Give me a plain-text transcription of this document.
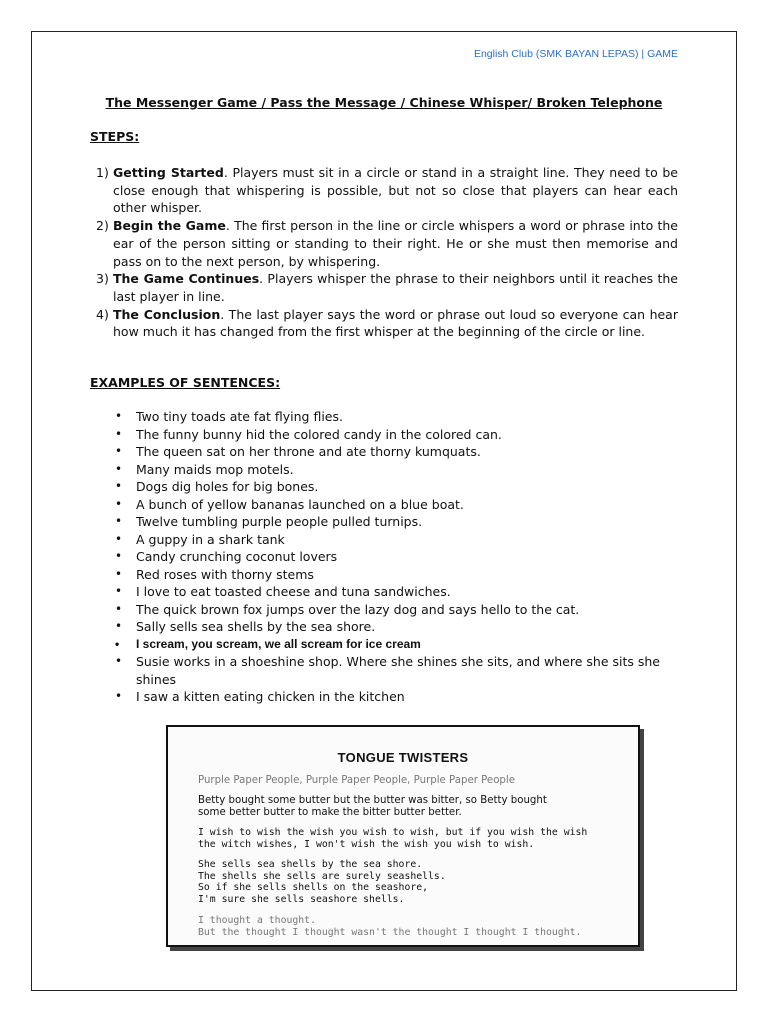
English Club (SMK BAYAN LEPAS) | GAME
The Messenger Game / Pass the Message / Chinese Whisper/ Broken Telephone
STEPS:
1) Getting Started. Players must sit in a circle or stand in a straight line. They need to be close enough that whispering is possible, but not so close that players can hear each other whisper.
2) Begin the Game. The first person in the line or circle whispers a word or phrase into the ear of the person sitting or standing to their right. He or she must then memorise and pass on to the next person, by whispering.
3) The Game Continues. Players whisper the phrase to their neighbors until it reaches the last player in line.
4) The Conclusion. The last player says the word or phrase out loud so everyone can hear how much it has changed from the first whisper at the beginning of the circle or line.
EXAMPLES OF SENTENCES:
• Two tiny toads ate fat flying flies.
• The funny bunny hid the colored candy in the colored can.
• The queen sat on her throne and ate thorny kumquats.
• Many maids mop motels.
• Dogs dig holes for big bones.
• A bunch of yellow bananas launched on a blue boat.
• Twelve tumbling purple people pulled turnips.
• A guppy in a shark tank
• Candy crunching coconut lovers
• Red roses with thorny stems
• I love to eat toasted cheese and tuna sandwiches.
• The quick brown fox jumps over the lazy dog and says hello to the cat.
• Sally sells sea shells by the sea shore.
• I scream, you scream, we all scream for ice cream
• Susie works in a shoeshine shop. Where she shines she sits, and where she sits she shines
• I saw a kitten eating chicken in the kitchen
TONGUE TWISTERS
Purple Paper People, Purple Paper People, Purple Paper People
Betty bought some butter but the butter was bitter, so Betty bought
some better butter to make the bitter butter better.
I wish to wish the wish you wish to wish, but if you wish the wish
the witch wishes, I won't wish the wish you wish to wish.
She sells sea shells by the sea shore.
The shells she sells are surely seashells.
So if she sells shells on the seashore,
I'm sure she sells seashore shells.
I thought a thought.
But the thought I thought wasn't the thought I thought I thought.
